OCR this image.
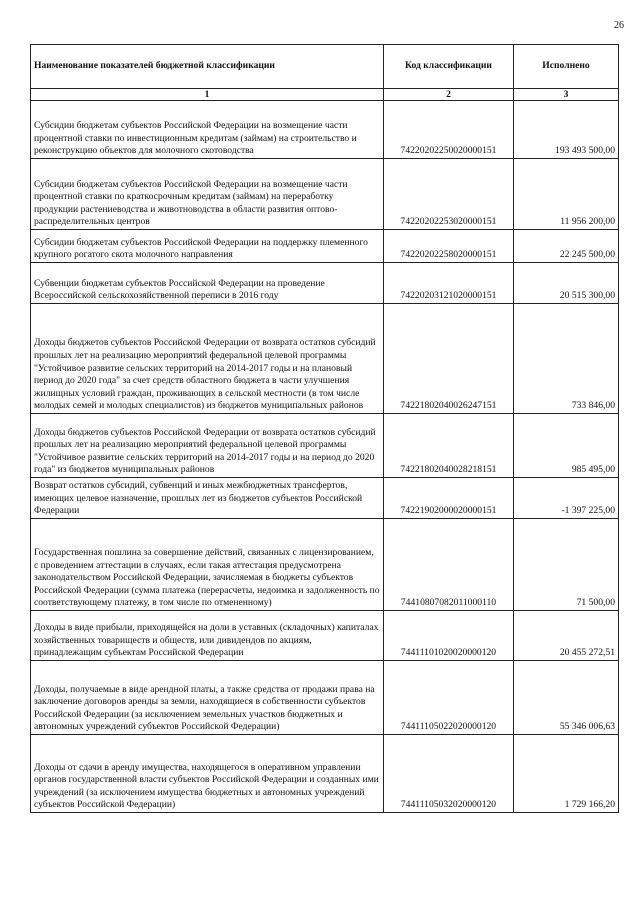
26
Наименование показателей бюджетной классификации	Код классификации	Исполнено
1	2	3
Субсидии бюджетам субъектов Российской Федерации на возмещение части процентной ставки по инвестиционным кредитам (займам) на строительство и реконструкцию объектов для молочного скотоводства	74220202250020000151	193 493 500,00
Субсидии бюджетам субъектов Российской Федерации на возмещение части процентной ставки по краткосрочным кредитам (займам) на переработку продукции растениеводства и животноводства в области развития оптово-распределительных центров	74220202253020000151	11 956 200,00
Субсидии бюджетам субъектов Российской Федерации на поддержку племенного крупного рогатого скота молочного направления	74220202258020000151	22 245 500,00
Субвенции бюджетам субъектов Российской Федерации на проведение Всероссийской сельскохозяйственной переписи в 2016 году	74220203121020000151	20 515 300,00
Доходы бюджетов субъектов Российской Федерации от возврата остатков субсидий прошлых лет на реализацию мероприятий федеральной целевой программы "Устойчивое развитие сельских территорий на 2014-2017 годы и на плановый период до 2020 года" за счет средств областного бюджета в части улучшения жилищных условий граждан, проживающих в сельской местности (в том числе молодых семей и молодых специалистов) из бюджетов муниципальных районов	74221802040026247151	733 846,00
Доходы бюджетов субъектов Российской Федерации от возврата остатков субсидий прошлых лет на реализацию мероприятий федеральной целевой программы "Устойчивое развитие сельских территорий на 2014-2017 годы и на период до 2020 года" из бюджетов муниципальных районов	74221802040028218151	985 495,00
Возврат остатков субсидий, субвенций и иных межбюджетных трансфертов, имеющих целевое назначение, прошлых лет из бюджетов субъектов Российской Федерации	74221902000020000151	-1 397 225,00
Государственная пошлина за совершение действий, связанных с лицензированием, с проведением аттестации в случаях, если такая аттестация предусмотрена законодательством Российской Федерации, зачисляемая в бюджеты субъектов Российской Федерации (сумма платежа (перерасчеты, недоимка и задолженность по соответствующему платежу, в том числе по отмененному)	74410807082011000110	71 500,00
Доходы в виде прибыли, приходящейся на доли в уставных (складочных) капиталах хозяйственных товариществ и обществ, или дивидендов по акциям, принадлежащим субъектам Российской Федерации	74411101020020000120	20 455 272,51
Доходы, получаемые в виде арендной платы, а также средства от продажи права на заключение договоров аренды за земли, находящиеся в собственности субъектов Российской Федерации (за исключением земельных участков бюджетных и автономных учреждений субъектов Российской Федерации)	74411105022020000120	55 346 006,63
Доходы от сдачи в аренду имущества, находящегося в оперативном управлении органов государственной власти субъектов Российской Федерации и созданных ими учреждений (за исключением имущества бюджетных и автономных учреждений субъектов Российской Федерации)	74411105032020000120	1 729 166,20
